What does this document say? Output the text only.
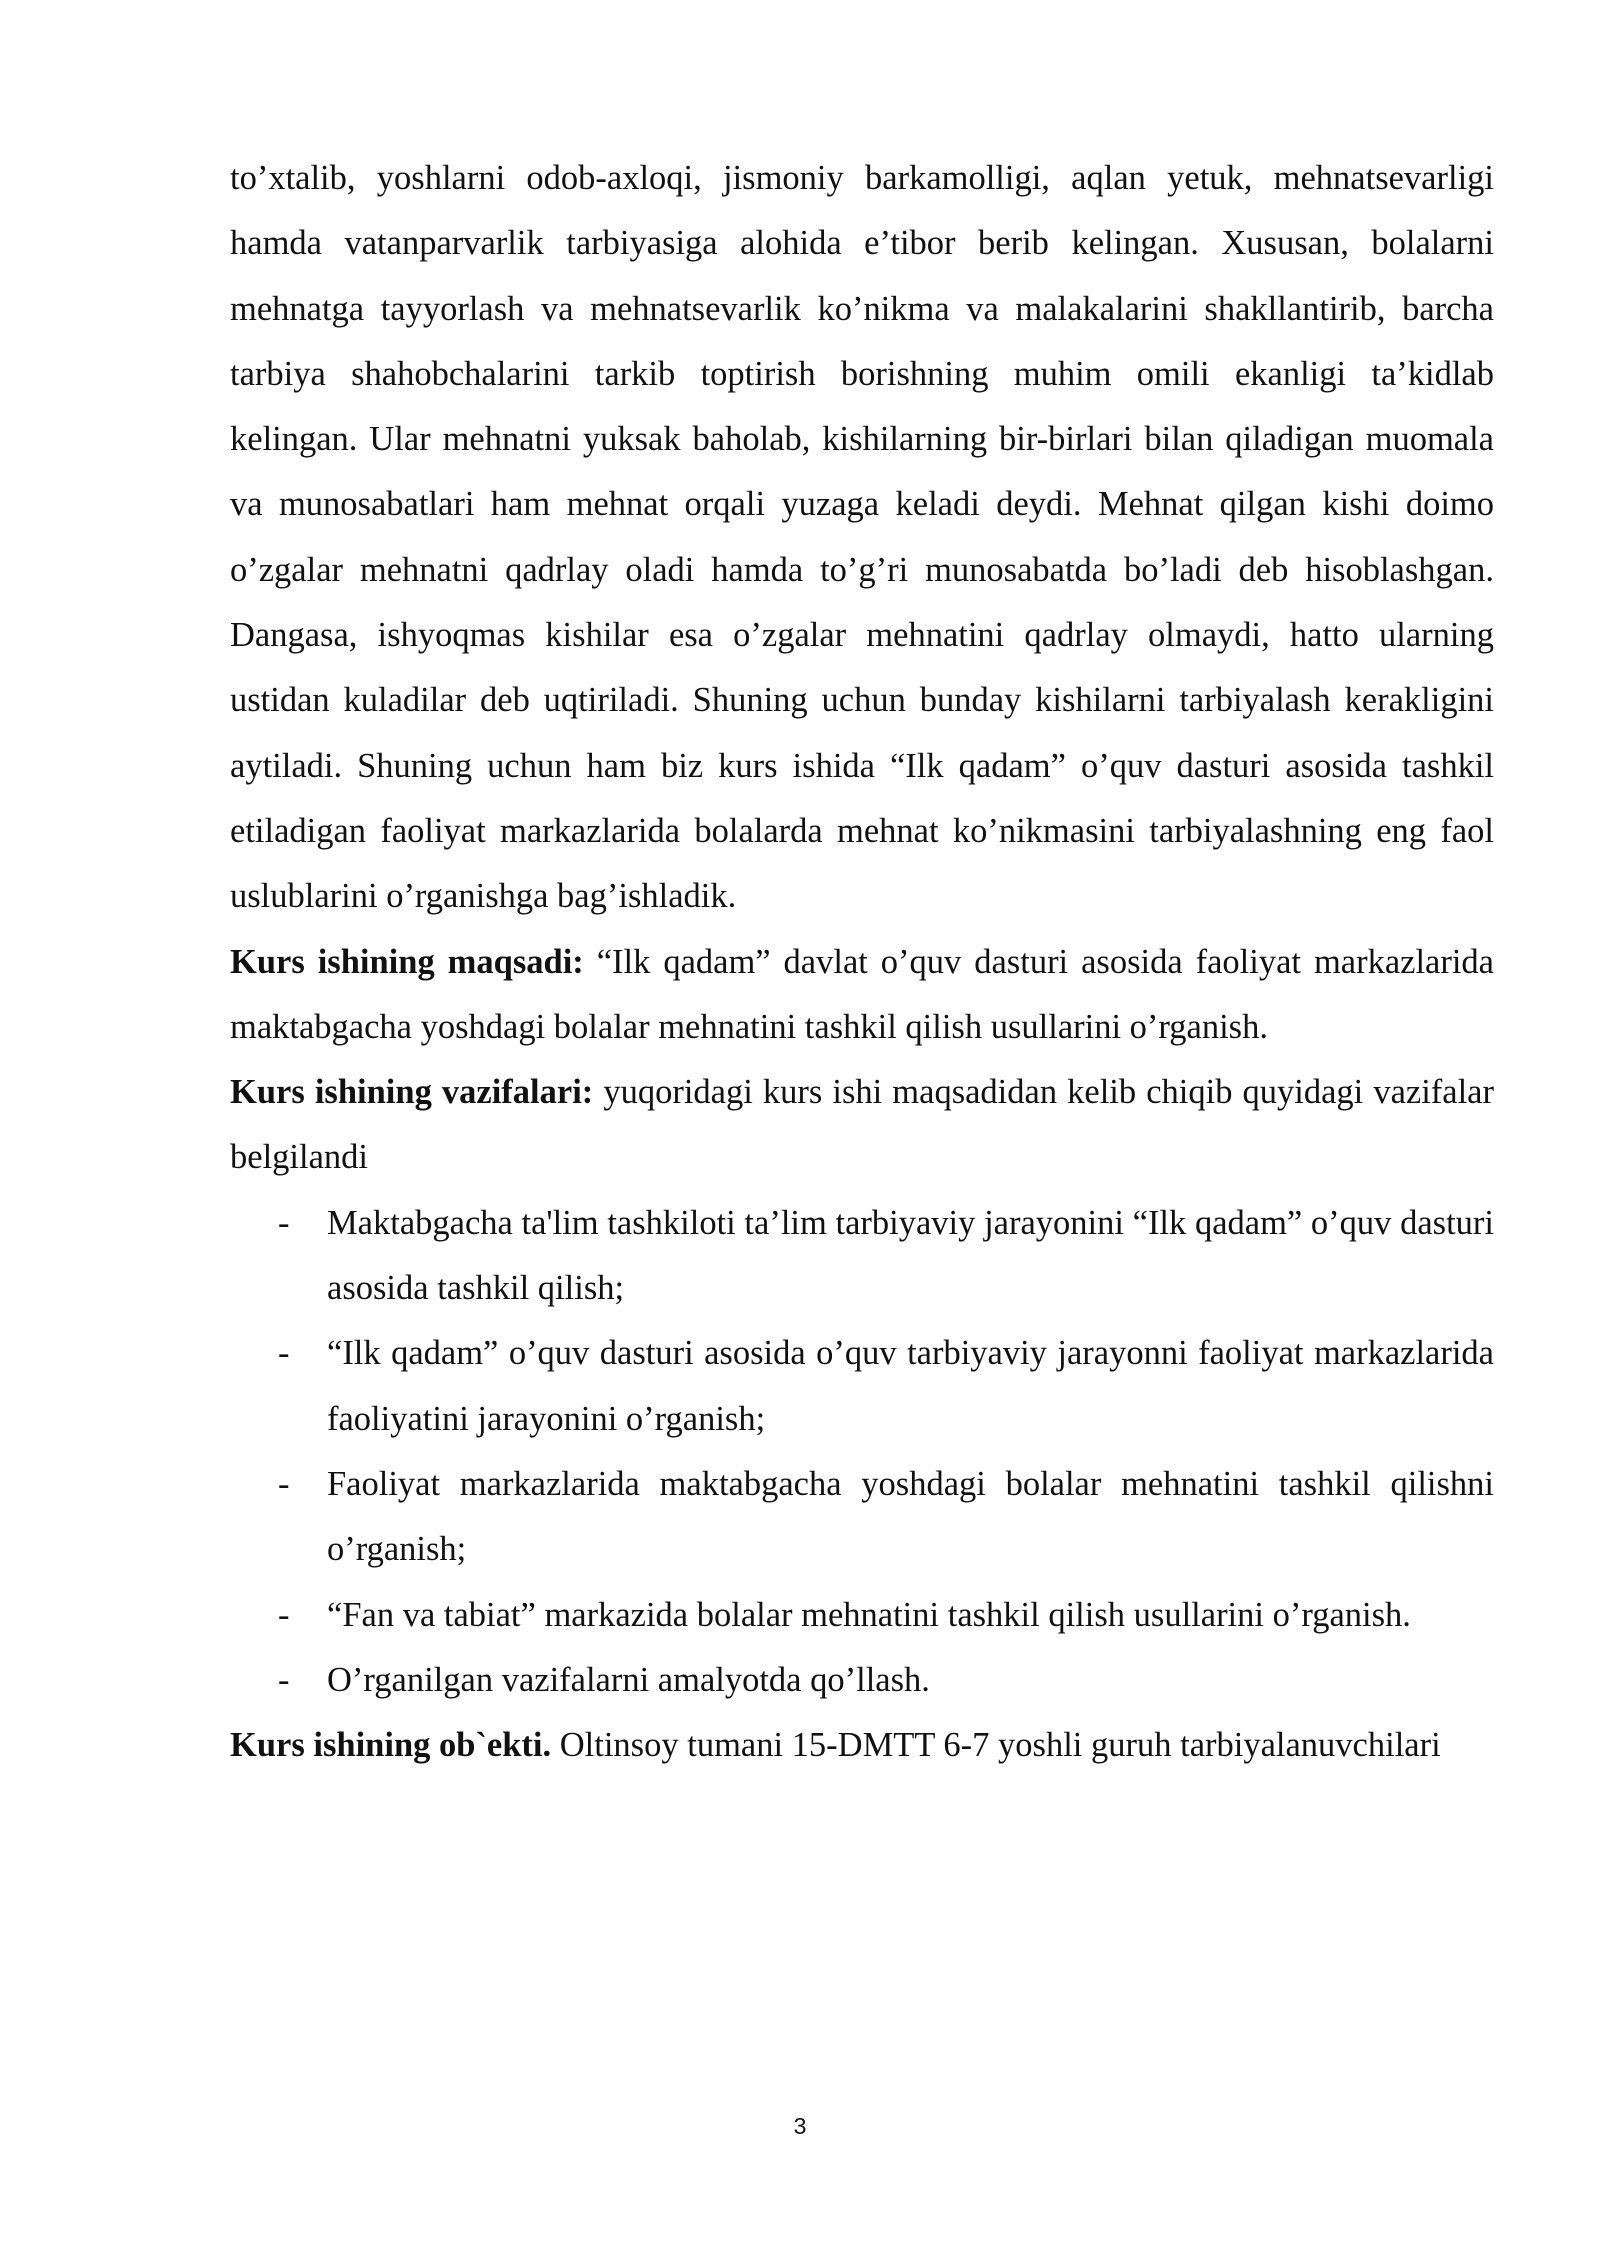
to’xtalib, yoshlarni odob-axloqi, jismoniy barkamolligi, aqlan yetuk, mehnatsevarligi hamda vatanparvarlik tarbiyasiga alohida e’tibor berib kelingan. Xususan, bolalarni mehnatga tayyorlash va mehnatsevarlik ko’nikma va malakalarini shakllantirib, barcha tarbiya shahobchalarini tarkib toptirish borishning muhim omili ekanligi ta’kidlab kelingan. Ular mehnatni yuksak baholab, kishilarning bir-birlari bilan qiladigan muomala va munosabatlari ham mehnat orqali yuzaga keladi deydi. Mehnat qilgan kishi doimo o’zgalar mehnatni qadrlay oladi hamda to’g’ri munosabatda bo’ladi deb hisoblashgan. Dangasa, ishyoqmas kishilar esa o’zgalar mehnatini qadrlay olmaydi, hatto ularning ustidan kuladilar deb uqtiriladi. Shuning uchun bunday kishilarni tarbiyalash kerakligini aytiladi. Shuning uchun ham biz kurs ishida “Ilk qadam” o’quv dasturi asosida tashkil etiladigan faoliyat markazlarida bolalarda mehnat ko’nikmasini tarbiyalashning eng faol uslublarini o’rganishga bag’ishladik.

Kurs ishining maqsadi: “Ilk qadam” davlat o’quv dasturi asosida faoliyat markazlarida maktabgacha yoshdagi bolalar mehnatini tashkil qilish usullarini o’rganish.

Kurs ishining vazifalari: yuqoridagi kurs ishi maqsadidan kelib chiqib quyidagi vazifalar belgilandi

- Maktabgacha ta'lim tashkiloti ta’lim tarbiyaviy jarayonini “Ilk qadam” o’quv dasturi asosida tashkil qilish;
- “Ilk qadam” o’quv dasturi asosida o’quv tarbiyaviy jarayonni faoliyat markazlarida faoliyatini jarayonini o’rganish;
- Faoliyat markazlarida maktabgacha yoshdagi bolalar mehnatini tashkil qilishni o’rganish;
- “Fan va tabiat” markazida bolalar mehnatini tashkil qilish usullarini o’rganish.
- O’rganilgan vazifalarni amalyotda qo’llash.

Kurs ishining ob`ekti. Oltinsoy tumani 15-DMTT 6-7 yoshli guruh tarbiyalanuvchilari

3
